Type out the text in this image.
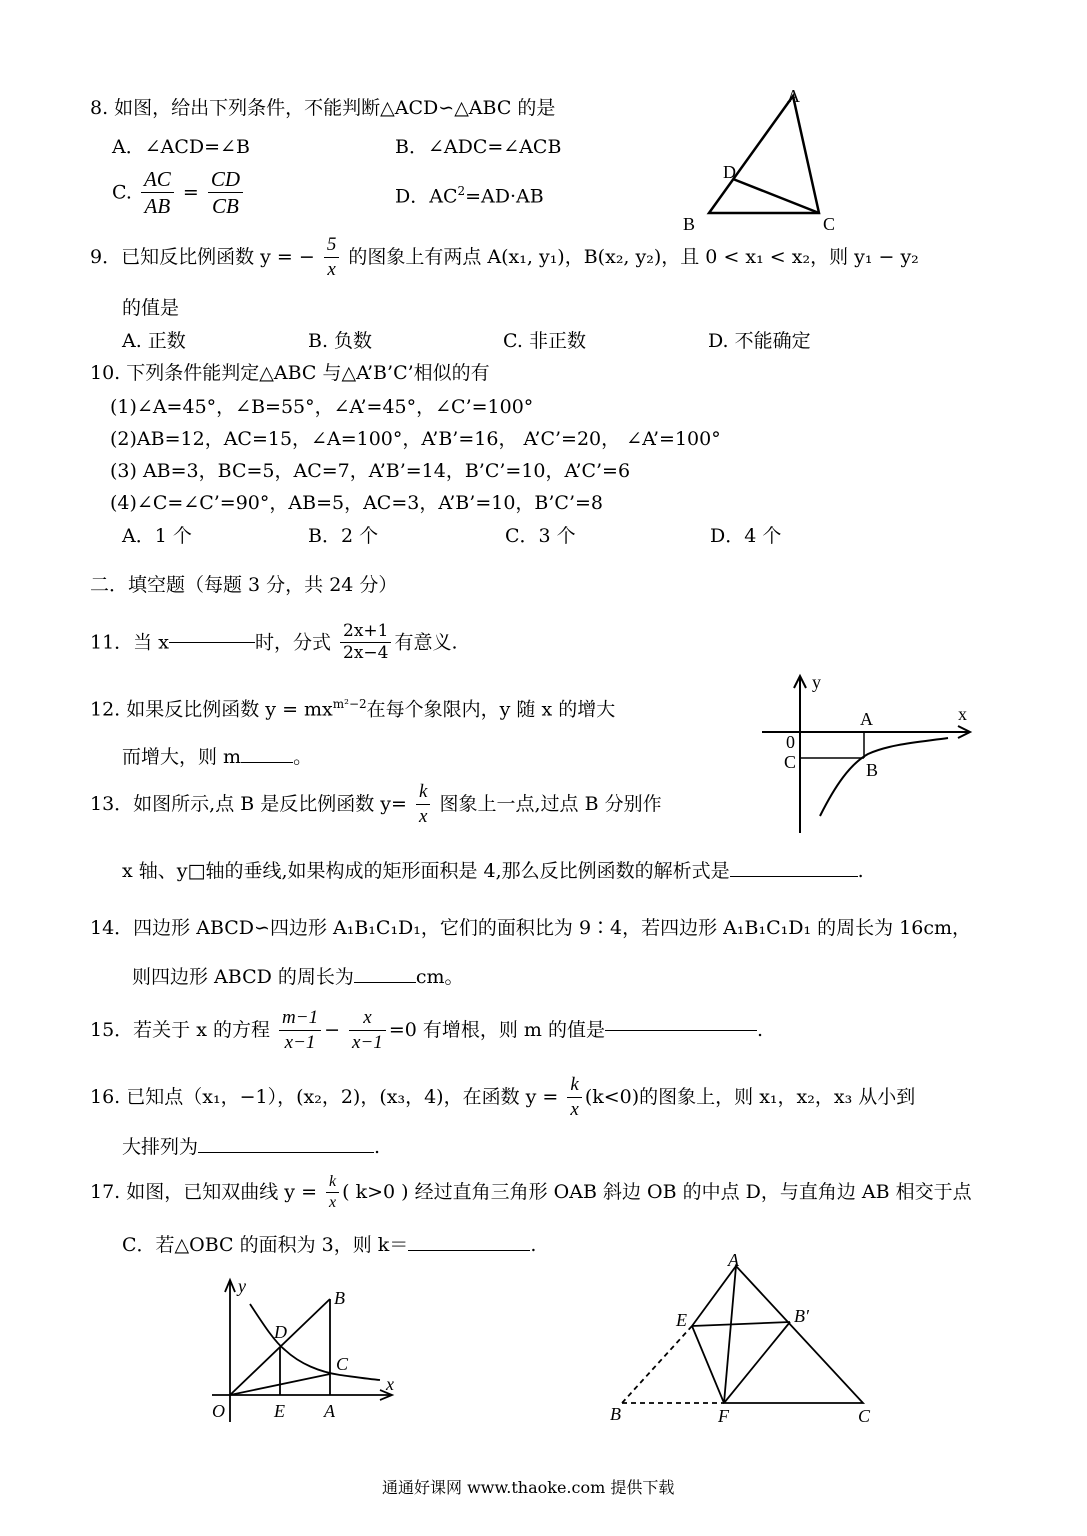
8. 如图，给出下列条件，不能判断△ACD∽△ABC 的是
A．∠ACD=∠B	B．∠ADC=∠ACB
C. $\frac{AC}{AB} = \frac{CD}{CB}$	D．$AC^2=AD\cdot AB$
A
B	C
D
9．已知反比例函数 y = − $\frac{5}{x}$ 的图象上有两点 A(x₁, y₁)，B(x₂, y₂)，且 0 < x₁ < x₂，则 y₁ − y₂
的值是
A. 正数	B. 负数	C. 非正数	D. 不能确定
10. 下列条件能判定△ABC 与△A’B’C’相似的有
(1)∠A=45°，∠B=55°，∠A’=45°，∠C’=100°
(2)AB=12，AC=15，∠A=100°，A’B’=16， A’C’=20， ∠A’=100°
(3) AB=3，BC=5，AC=7，A’B’=14，B’C’=10，A’C’=6
(4)∠C=∠C’=90°，AB=5，AC=3，A’B’=10，B’C’=8
A．1 个	B．2 个	C．3 个	D．4 个
二．填空题（每题 3 分，共 24 分）
11．当 x	时，分式 $\frac{2x+1}{2x-4}$ 有意义.
12. 如果反比例函数 $y = mx^{m^2-2}$在每个象限内，y 随 x 的增大
而增大，则 m	。
y
x
A
0
C	B
13．如图所示,点 B 是反比例函数 $y= \frac{k}{x}$ 图象上一点,过点 B 分别作
x 轴、y□轴的垂线,如果构成的矩形面积是 4,那么反比例函数的解析式是	.
14．四边形 ABCD∽四边形 A₁B₁C₁D₁，它们的面积比为 9∶4，若四边形 A₁B₁C₁D₁ 的周长为 16cm，
则四边形 ABCD 的周长为	cm。
15．若关于 x 的方程 $\frac{m-1}{x-1} - \frac{x}{x-1} =0$ 有增根，则 m 的值是	.
16. 已知点（x₁，−1），(x₂，2)，(x₃，4)，在函数 $y = \frac{k}{x} (k<0)$的图象上，则 x₁，x₂，x₃ 从小到
大排列为	.
17. 如图，已知双曲线 $y = \frac{k}{x}$ ( k>0 ) 经过直角三角形 OAB 斜边 OB 的中点 D，与直角边 AB 相交于点
C．若△OBC 的面积为 3，则 k＝	.
y
x
O	E A
B
C
D
A
E	B′
B	F	C
通通好课网 www.thaoke.com 提供下载
